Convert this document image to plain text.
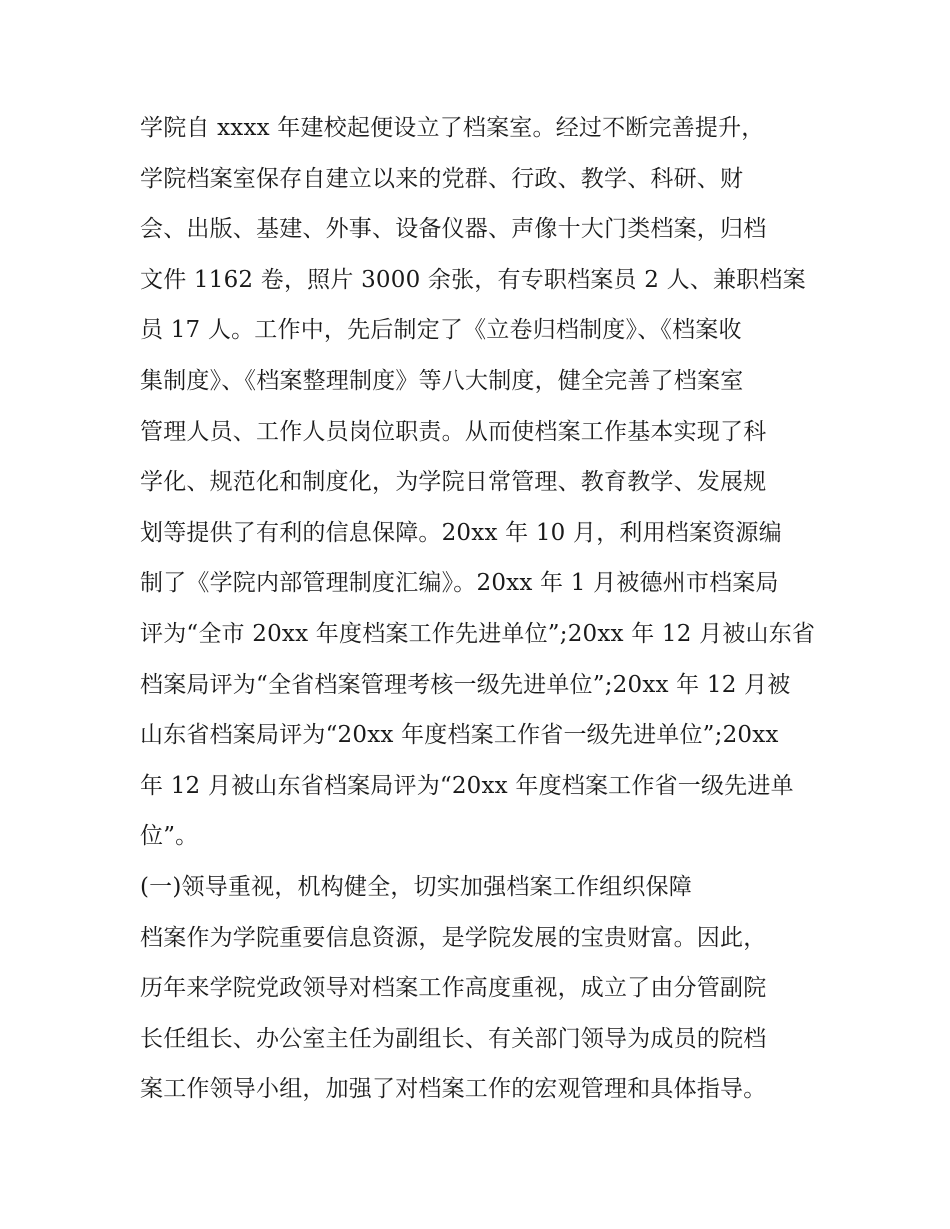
学院自 xxxx 年建校起便设立了档案室。经过不断完善提升，
学院档案室保存自建立以来的党群、行政、教学、科研、财
会、出版、基建、外事、设备仪器、声像十大门类档案，归档
文件 1162 卷，照片 3000 余张，有专职档案员 2 人、兼职档案
员 17 人。工作中，先后制定了《立卷归档制度》、《档案收
集制度》、《档案整理制度》等八大制度，健全完善了档案室
管理人员、工作人员岗位职责。从而使档案工作基本实现了科
学化、规范化和制度化，为学院日常管理、教育教学、发展规
划等提供了有利的信息保障。20xx 年 10 月，利用档案资源编
制了《学院内部管理制度汇编》。20xx 年 1 月被德州市档案局
评为“全市 20xx 年度档案工作先进单位”;20xx 年 12 月被山东省
档案局评为“全省档案管理考核一级先进单位”;20xx 年 12 月被
山东省档案局评为“20xx 年度档案工作省一级先进单位”;20xx
年 12 月被山东省档案局评为“20xx 年度档案工作省一级先进单
位”。
(一)领导重视，机构健全，切实加强档案工作组织保障
档案作为学院重要信息资源，是学院发展的宝贵财富。因此，
历年来学院党政领导对档案工作高度重视，成立了由分管副院
长任组长、办公室主任为副组长、有关部门领导为成员的院档
案工作领导小组，加强了对档案工作的宏观管理和具体指导。
